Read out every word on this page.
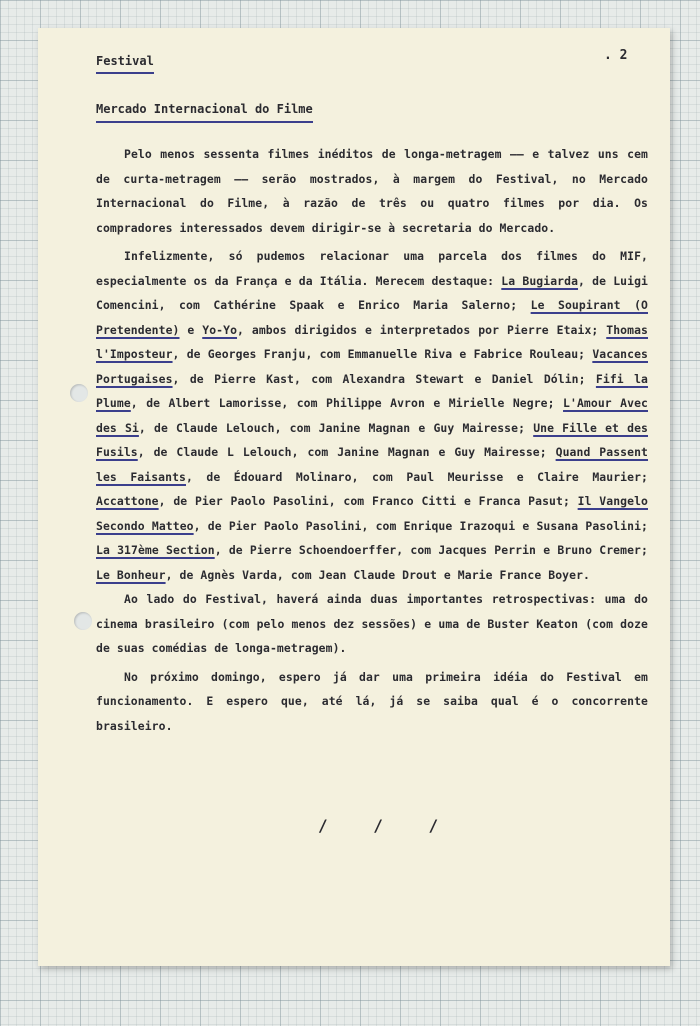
Festival	. 2
Mercado Internacional do Filme

Pelo menos sessenta filmes inéditos de longa-metragem –– e talvez uns cem de curta-metragem –– serão mostrados, à margem do Festival, no Mercado Internacional do Filme, à razão de três ou quatro filmes por dia. Os compradores interessados devem dirigir-se à secretaria do Mercado.

Infelizmente, só pudemos relacionar uma parcela dos filmes do MIF, especialmente os da França e da Itália. Merecem destaque: La Bugiarda, de Luigi Comencini, com Cathérine Spaak e Enrico Maria Salerno; Le Soupirant (O Pretendente) e Yo-Yo, ambos dirigidos e interpretados por Pierre Etaix; Thomas l'Imposteur, de Georges Franju, com Emmanuelle Riva e Fabrice Rouleau; Vacances Portugaises, de Pierre Kast, com Alexandra Stewart e Daniel Dólin; Fifi la Plume, de Albert Lamorisse, com Philippe Avron e Mirielle Negre; L'Amour Avec des Si, de Claude Lelouch, com Janine Magnan e Guy Mairesse; Une Fille et des Fusils, de Claude L Lelouch, com Janine Magnan e Guy Mairesse; Quand Passent les Faisants, de Édouard Molinaro, com Paul Meurisse e Claire Maurier; Accattone, de Pier Paolo Pasolini, com Franco Citti e Franca Pasut; Il Vangelo Secondo Matteo, de Pier Paolo Pasolini, com Enrique Irazoqui e Susana Pasolini; La 317ème Section, de Pierre Schoendoerffer, com Jacques Perrin e Bruno Cremer; Le Bonheur, de Agnès Varda, com Jean Claude Drout e Marie France Boyer.

Ao lado do Festival, haverá ainda duas importantes retrospectivas: uma do cinema brasileiro (com pelo menos dez sessões) e uma de Buster Keaton (com doze de suas comédias de longa-metragem).

No próximo domingo, espero já dar uma primeira idéia do Festival em funcionamento. E espero que, até lá, já se saiba qual é o concorrente brasileiro.

/ / /
